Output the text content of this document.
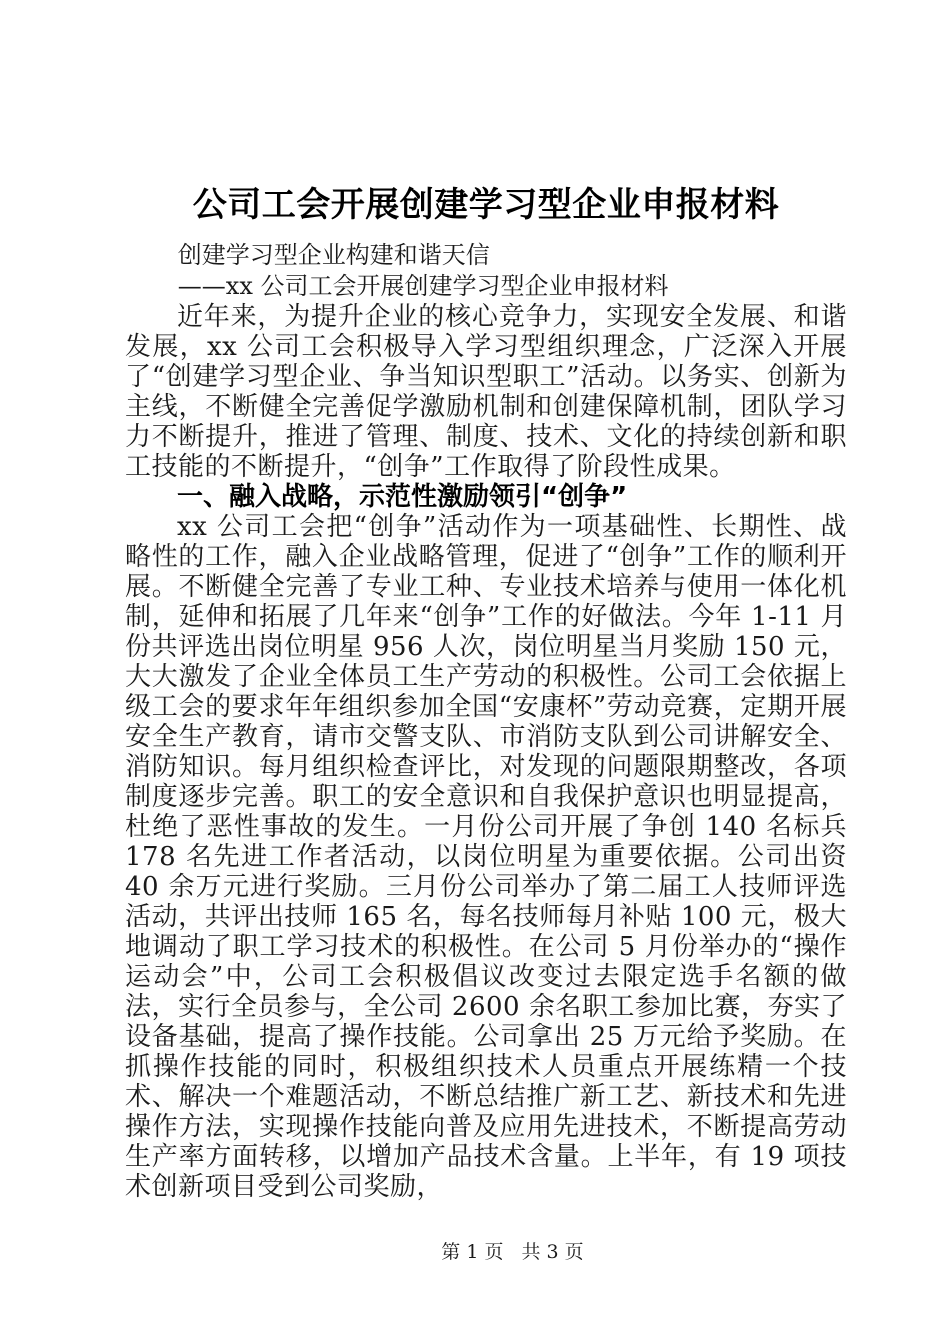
公司工会开展创建学习型企业申报材料

创建学习型企业构建和谐天信

——xx 公司工会开展创建学习型企业申报材料

近年来，为提升企业的核心竞争力，实现安全发展、和谐发展，xx 公司工会积极导入学习型组织理念，广泛深入开展了“创建学习型企业、争当知识型职工”活动。以务实、创新为主线，不断健全完善促学激励机制和创建保障机制，团队学习力不断提升，推进了管理、制度、技术、文化的持续创新和职工技能的不断提升，“创争”工作取得了阶段性成果。

一、融入战略，示范性激励领引“创争”

xx 公司工会把“创争”活动作为一项基础性、长期性、战略性的工作，融入企业战略管理，促进了“创争”工作的顺利开展。不断健全完善了专业工种、专业技术培养与使用一体化机制，延伸和拓展了几年来“创争”工作的好做法。今年 1-11 月份共评选出岗位明星 956 人次，岗位明星当月奖励 150 元，大大激发了企业全体员工生产劳动的积极性。公司工会依据上级工会的要求年年组织参加全国“安康杯”劳动竞赛，定期开展安全生产教育，请市交警支队、市消防支队到公司讲解安全、消防知识。每月组织检查评比，对发现的问题限期整改，各项制度逐步完善。职工的安全意识和自我保护意识也明显提高，杜绝了恶性事故的发生。一月份公司开展了争创 140 名标兵 178 名先进工作者活动，以岗位明星为重要依据。公司出资 40 余万元进行奖励。三月份公司举办了第二届工人技师评选活动，共评出技师 165 名，每名技师每月补贴 100 元，极大地调动了职工学习技术的积极性。在公司 5 月份举办的“操作运动会”中，公司工会积极倡议改变过去限定选手名额的做法，实行全员参与，全公司 2600 余名职工参加比赛，夯实了设备基础，提高了操作技能。公司拿出 25 万元给予奖励。在抓操作技能的同时，积极组织技术人员重点开展练精一个技术、解决一个难题活动，不断总结推广新工艺、新技术和先进操作方法，实现操作技能向普及应用先进技术，不断提高劳动生产率方面转移，以增加产品技术含量。上半年，有 19 项技术创新项目受到公司奖励，

第 1 页 共 3 页
